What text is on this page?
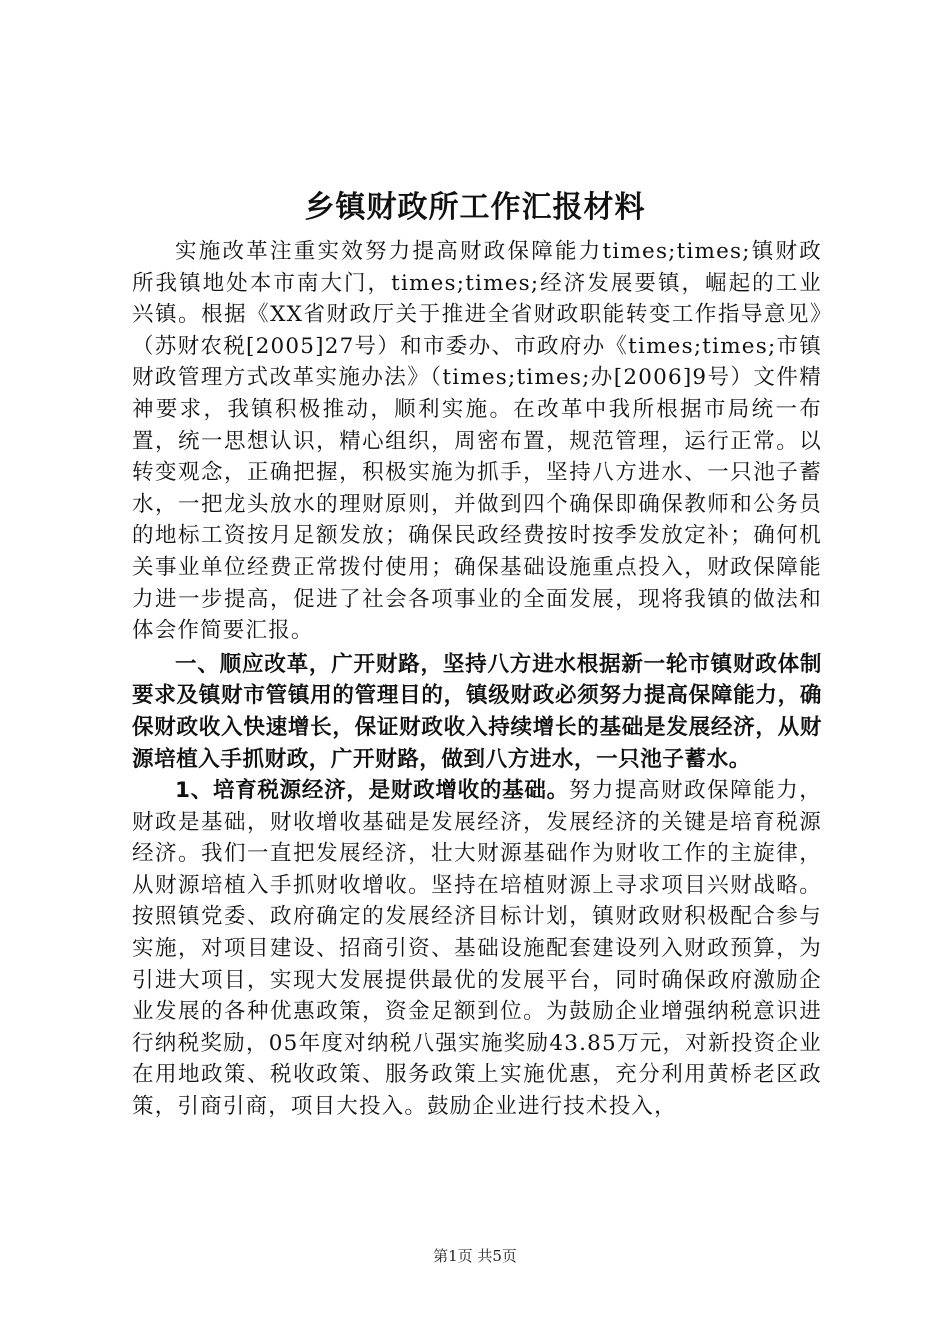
乡镇财政所工作汇报材料

实施改革注重实效努力提高财政保障能力times;times;镇财政所我镇地处本市南大门，times;times;经济发展要镇，崛起的工业兴镇。根据《XX省财政厅关于推进全省财政职能转变工作指导意见》（苏财农税[2005]27号）和市委办、市政府办《times;times;市镇财政管理方式改革实施办法》（times;times;办[2006]9号）文件精神要求，我镇积极推动，顺利实施。在改革中我所根据市局统一布置，统一思想认识，精心组织，周密布置，规范管理，运行正常。以转变观念，正确把握，积极实施为抓手，坚持八方进水、一只池子蓄水，一把龙头放水的理财原则，并做到四个确保即确保教师和公务员的地标工资按月足额发放；确保民政经费按时按季发放定补；确何机关事业单位经费正常拨付使用；确保基础设施重点投入，财政保障能力进一步提高，促进了社会各项事业的全面发展，现将我镇的做法和体会作简要汇报。

一、顺应改革，广开财路，坚持八方进水根据新一轮市镇财政体制要求及镇财市管镇用的管理目的，镇级财政必须努力提高保障能力，确保财政收入快速增长，保证财政收入持续增长的基础是发展经济，从财源培植入手抓财政，广开财路，做到八方进水，一只池子蓄水。

1、培育税源经济，是财政增收的基础。努力提高财政保障能力，财政是基础，财收增收基础是发展经济，发展经济的关键是培育税源经济。我们一直把发展经济，壮大财源基础作为财收工作的主旋律，从财源培植入手抓财收增收。坚持在培植财源上寻求项目兴财战略。按照镇党委、政府确定的发展经济目标计划，镇财政财积极配合参与实施，对项目建设、招商引资、基础设施配套建设列入财政预算，为引进大项目，实现大发展提供最优的发展平台，同时确保政府激励企业发展的各种优惠政策，资金足额到位。为鼓励企业增强纳税意识进行纳税奖励，05年度对纳税八强实施奖励43.85万元，对新投资企业在用地政策、税收政策、服务政策上实施优惠，充分利用黄桥老区政策，引商引商，项目大投入。鼓励企业进行技术投入，

第1页 共5页
